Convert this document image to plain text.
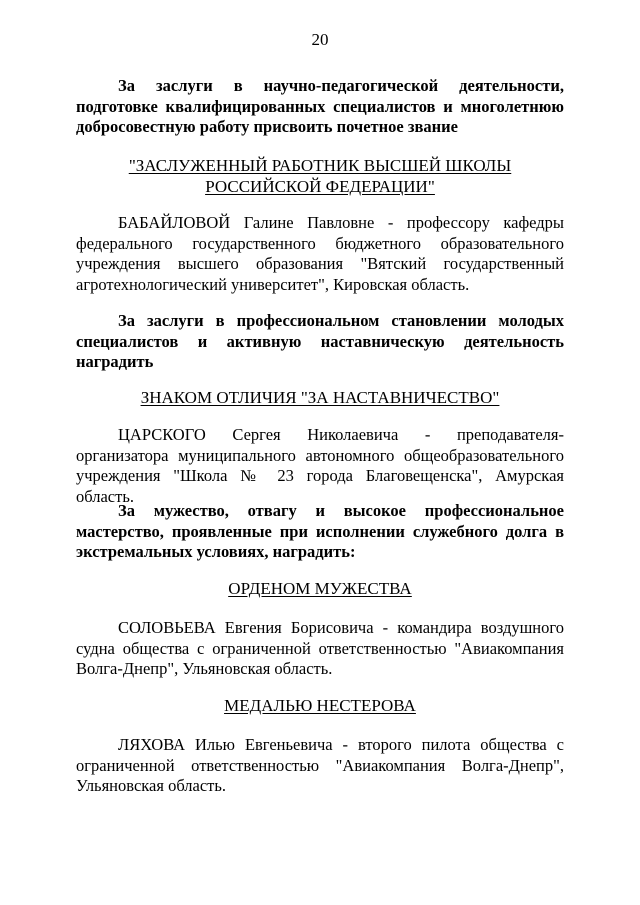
20
За заслуги в научно-педагогической деятельности, подготовке квалифицированных специалистов и многолетнюю добросовестную работу присвоить почетное звание
"ЗАСЛУЖЕННЫЙ РАБОТНИК ВЫСШЕЙ ШКОЛЫ
РОССИЙСКОЙ ФЕДЕРАЦИИ"
БАБАЙЛОВОЙ Галине Павловне - профессору кафедры федерального государственного бюджетного образовательного учреждения высшего образования "Вятский государственный агротехнологический университет", Кировская область.
За заслуги в профессиональном становлении молодых специалистов и активную наставническую деятельность наградить
ЗНАКОМ ОТЛИЧИЯ "ЗА НАСТАВНИЧЕСТВО"
ЦАРСКОГО Сергея Николаевича - преподавателя-организатора муниципального автономного общеобразовательного учреждения "Школа № 23 города Благовещенска", Амурская область.
За мужество, отвагу и высокое профессиональное мастерство, проявленные при исполнении служебного долга в экстремальных условиях, наградить:
ОРДЕНОМ МУЖЕСТВА
СОЛОВЬЕВА Евгения Борисовича - командира воздушного судна общества с ограниченной ответственностью "Авиакомпания Волга-Днепр", Ульяновская область.
МЕДАЛЬЮ НЕСТЕРОВА
ЛЯХОВА Илью Евгеньевича - второго пилота общества с ограниченной ответственностью "Авиакомпания Волга-Днепр", Ульяновская область.
